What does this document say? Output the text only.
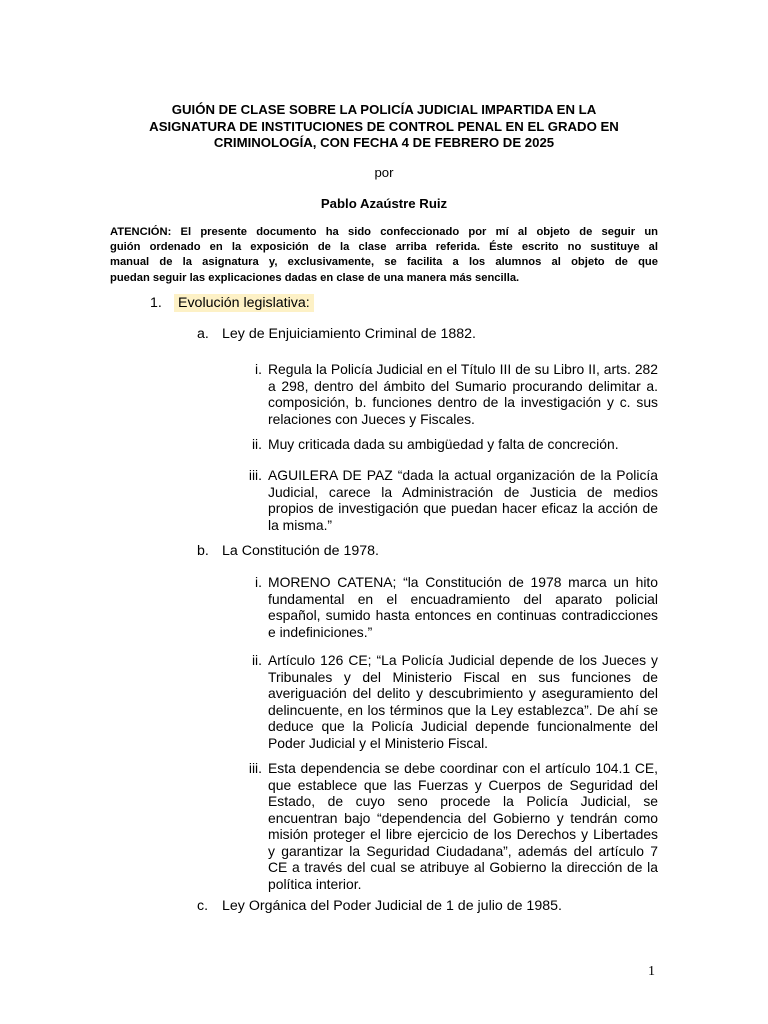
GUIÓN DE CLASE SOBRE LA POLICÍA JUDICIAL IMPARTIDA EN LA
ASIGNATURA DE INSTITUCIONES DE CONTROL PENAL EN EL GRADO EN
CRIMINOLOGÍA, CON FECHA 4 DE FEBRERO DE 2025
por
Pablo Azaústre Ruiz
ATENCIÓN: El presente documento ha sido confeccionado por mí al objeto de seguir un
guión ordenado en la exposición de la clase arriba referida. Éste escrito no sustituye al
manual de la asignatura y, exclusivamente, se facilita a los alumnos al objeto de que
puedan seguir las explicaciones dadas en clase de una manera más sencilla.
1. Evolución legislativa:
a. Ley de Enjuiciamiento Criminal de 1882.
i. Regula la Policía Judicial en el Título III de su Libro II, arts. 282
a 298, dentro del ámbito del Sumario procurando delimitar a.
composición, b. funciones dentro de la investigación y c. sus
relaciones con Jueces y Fiscales.
ii. Muy criticada dada su ambigüedad y falta de concreción.
iii. AGUILERA DE PAZ “dada la actual organización de la Policía
Judicial, carece la Administración de Justicia de medios
propios de investigación que puedan hacer eficaz la acción de
la misma.”
b. La Constitución de 1978.
i. MORENO CATENA; “la Constitución de 1978 marca un hito
fundamental en el encuadramiento del aparato policial
español, sumido hasta entonces en continuas contradicciones
e indefiniciones.”
ii. Artículo 126 CE; “La Policía Judicial depende de los Jueces y
Tribunales y del Ministerio Fiscal en sus funciones de
averiguación del delito y descubrimiento y aseguramiento del
delincuente, en los términos que la Ley establezca”. De ahí se
deduce que la Policía Judicial depende funcionalmente del
Poder Judicial y el Ministerio Fiscal.
iii. Esta dependencia se debe coordinar con el artículo 104.1 CE,
que establece que las Fuerzas y Cuerpos de Seguridad del
Estado, de cuyo seno procede la Policía Judicial, se
encuentran bajo “dependencia del Gobierno y tendrán como
misión proteger el libre ejercicio de los Derechos y Libertades
y garantizar la Seguridad Ciudadana”, además del artículo 7
CE a través del cual se atribuye al Gobierno la dirección de la
política interior.
c. Ley Orgánica del Poder Judicial de 1 de julio de 1985.
1
